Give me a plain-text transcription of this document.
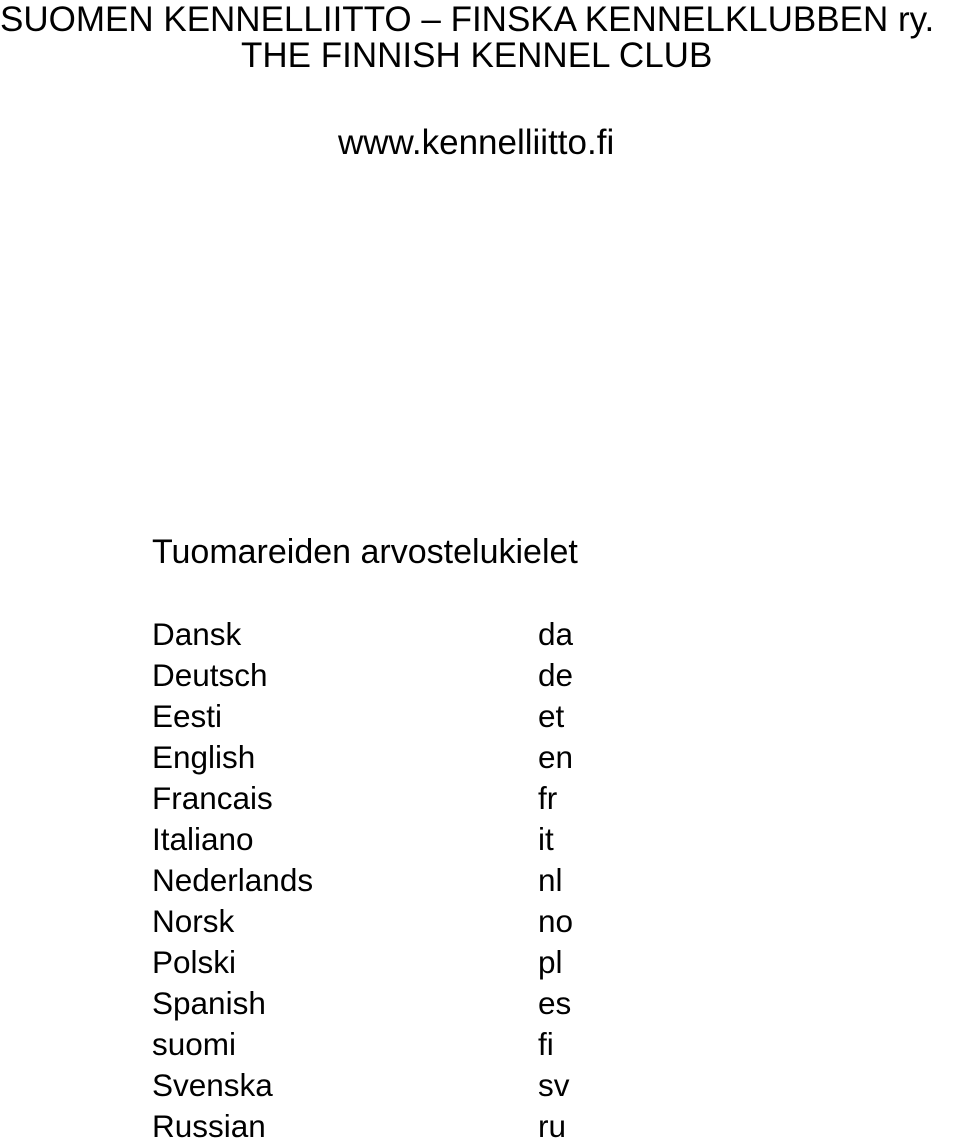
SUOMEN KENNELLIITTO – FINSKA KENNELKLUBBEN ry.
THE FINNISH KENNEL CLUB
www.kennelliitto.fi
Tuomareiden arvostelukielet
Dansk	da
Deutsch	de
Eesti	et
English	en
Francais	fr
Italiano	it
Nederlands	nl
Norsk	no
Polski	pl
Spanish	es
suomi	fi
Svenska	sv
Russian	ru
